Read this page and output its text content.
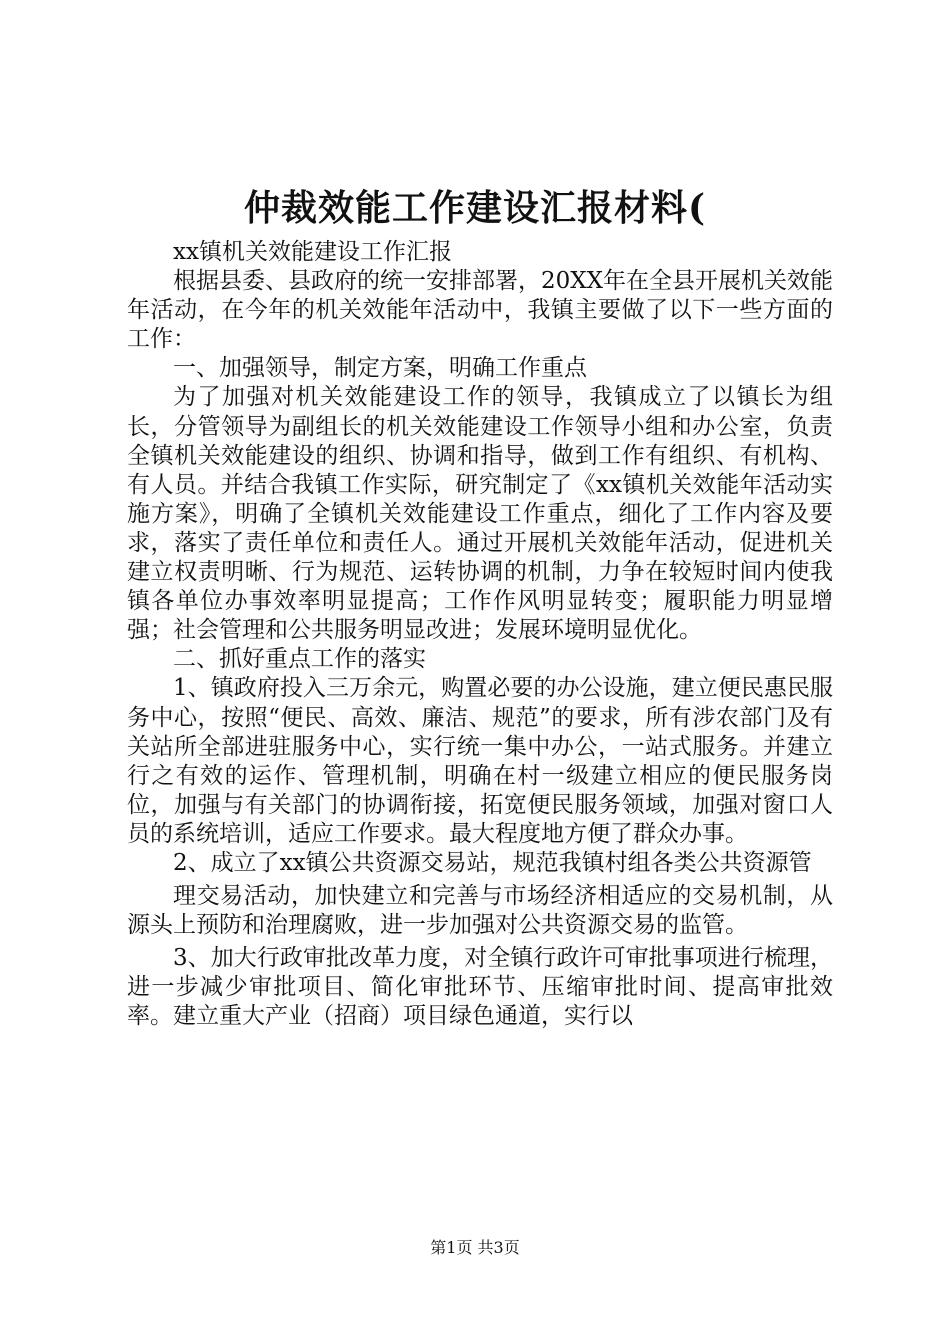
仲裁效能工作建设汇报材料(

xx镇机关效能建设工作汇报

根据县委、县政府的统一安排部署，20XX年在全县开展机关效能年活动，在今年的机关效能年活动中，我镇主要做了以下一些方面的工作：

一、加强领导，制定方案，明确工作重点

为了加强对机关效能建设工作的领导，我镇成立了以镇长为组长，分管领导为副组长的机关效能建设工作领导小组和办公室，负责全镇机关效能建设的组织、协调和指导，做到工作有组织、有机构、有人员。并结合我镇工作实际，研究制定了《xx镇机关效能年活动实施方案》，明确了全镇机关效能建设工作重点，细化了工作内容及要求，落实了责任单位和责任人。通过开展机关效能年活动，促进机关建立权责明晰、行为规范、运转协调的机制，力争在较短时间内使我镇各单位办事效率明显提高；工作作风明显转变；履职能力明显增强；社会管理和公共服务明显改进；发展环境明显优化。

二、抓好重点工作的落实

1、镇政府投入三万余元，购置必要的办公设施，建立便民惠民服务中心，按照“便民、高效、廉洁、规范”的要求，所有涉农部门及有关站所全部进驻服务中心，实行统一集中办公，一站式服务。并建立行之有效的运作、管理机制，明确在村一级建立相应的便民服务岗位，加强与有关部门的协调衔接，拓宽便民服务领域，加强对窗口人员的系统培训，适应工作要求。最大程度地方便了群众办事。

2、成立了xx镇公共资源交易站，规范我镇村组各类公共资源管

理交易活动，加快建立和完善与市场经济相适应的交易机制，从源头上预防和治理腐败，进一步加强对公共资源交易的监管。

3、加大行政审批改革力度，对全镇行政许可审批事项进行梳理，进一步减少审批项目、简化审批环节、压缩审批时间、提高审批效率。建立重大产业（招商）项目绿色通道，实行以

第1页 共3页
